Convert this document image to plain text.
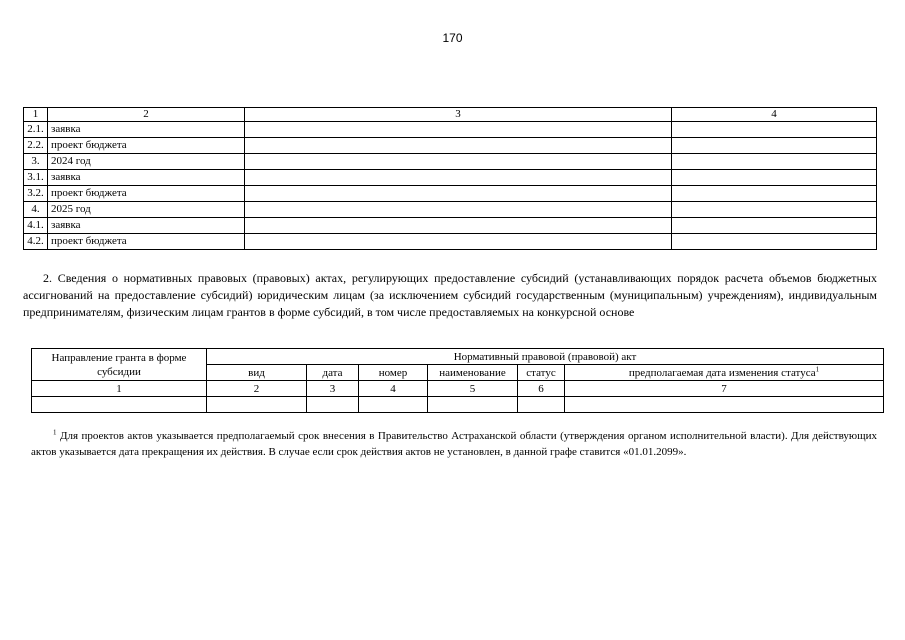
170
1	2	3	4
2.1.	заявка		
2.2.	проект бюджета		
3.	2024 год		
3.1.	заявка		
3.2.	проект бюджета		
4.	2025 год		
4.1.	заявка		
4.2.	проект бюджета		

2. Сведения о нормативных правовых (правовых) актах, регулирующих предоставление субсидий (устанавливающих порядок расчета объемов бюджетных ассигнований на предоставление субсидий) юридическим лицам (за исключением субсидий государственным (муниципальным) учреждениям), индивидуальным предпринимателям, физическим лицам грантов в форме субсидий, в том числе предоставляемых на конкурсной основе

Направление гранта в форме субсидии	Нормативный правовой (правовой) акт					
	вид	дата	номер	наименование	статус	предполагаемая дата изменения статуса$^1$
1	2	3	4	5	6	7

$^1$ Для проектов актов указывается предполагаемый срок внесения в Правительство Астраханской области (утверждения органом исполнительной власти). Для действующих актов указывается дата прекращения их действия. В случае если срок действия актов не установлен, в данной графе ставится «01.01.2099».
